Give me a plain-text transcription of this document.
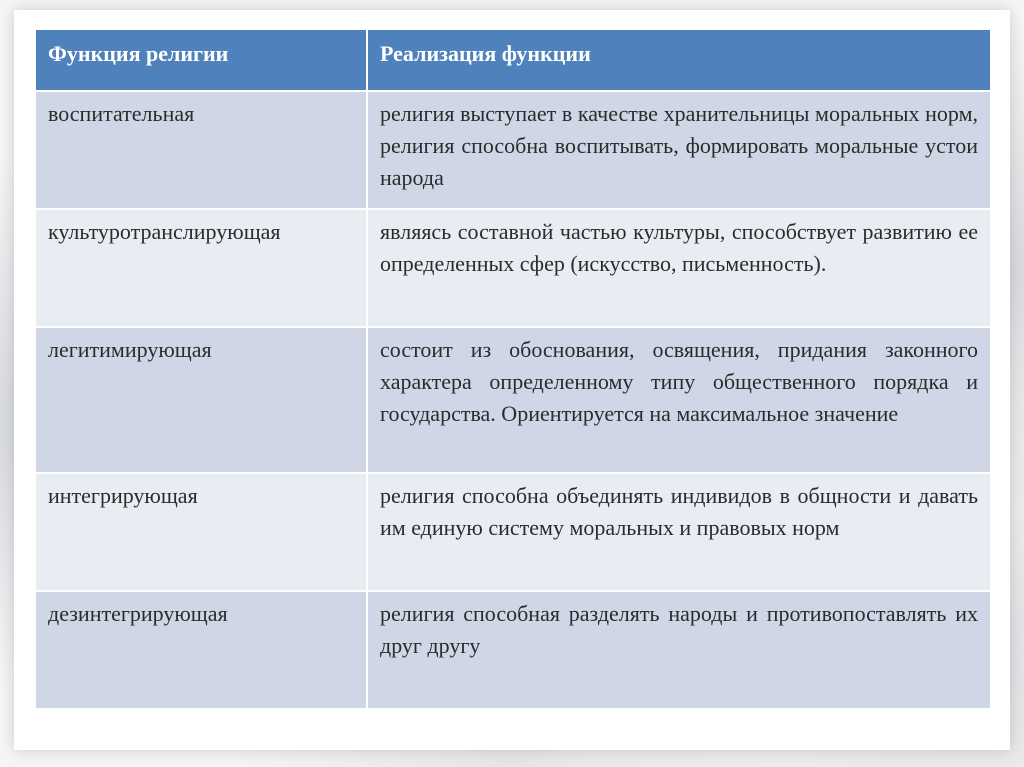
Функция религии	Реализация функции
воспитательная	религия выступает в качестве хранительницы моральных норм, религия способна воспитывать, формировать моральные устои народа
культуротранслирующая	являясь составной частью культуры, способствует развитию ее определенных сфер (искусство, письменность).
легитимирующая	состоит из обоснования, освящения, придания законного характера определенному типу общественного порядка и государства. Ориентируется на максимальное значение
интегрирующая	религия способна объединять индивидов в общности и давать им единую систему моральных и правовых норм
дезинтегрирующая	религия способная разделять народы и противопоставлять их друг другу
